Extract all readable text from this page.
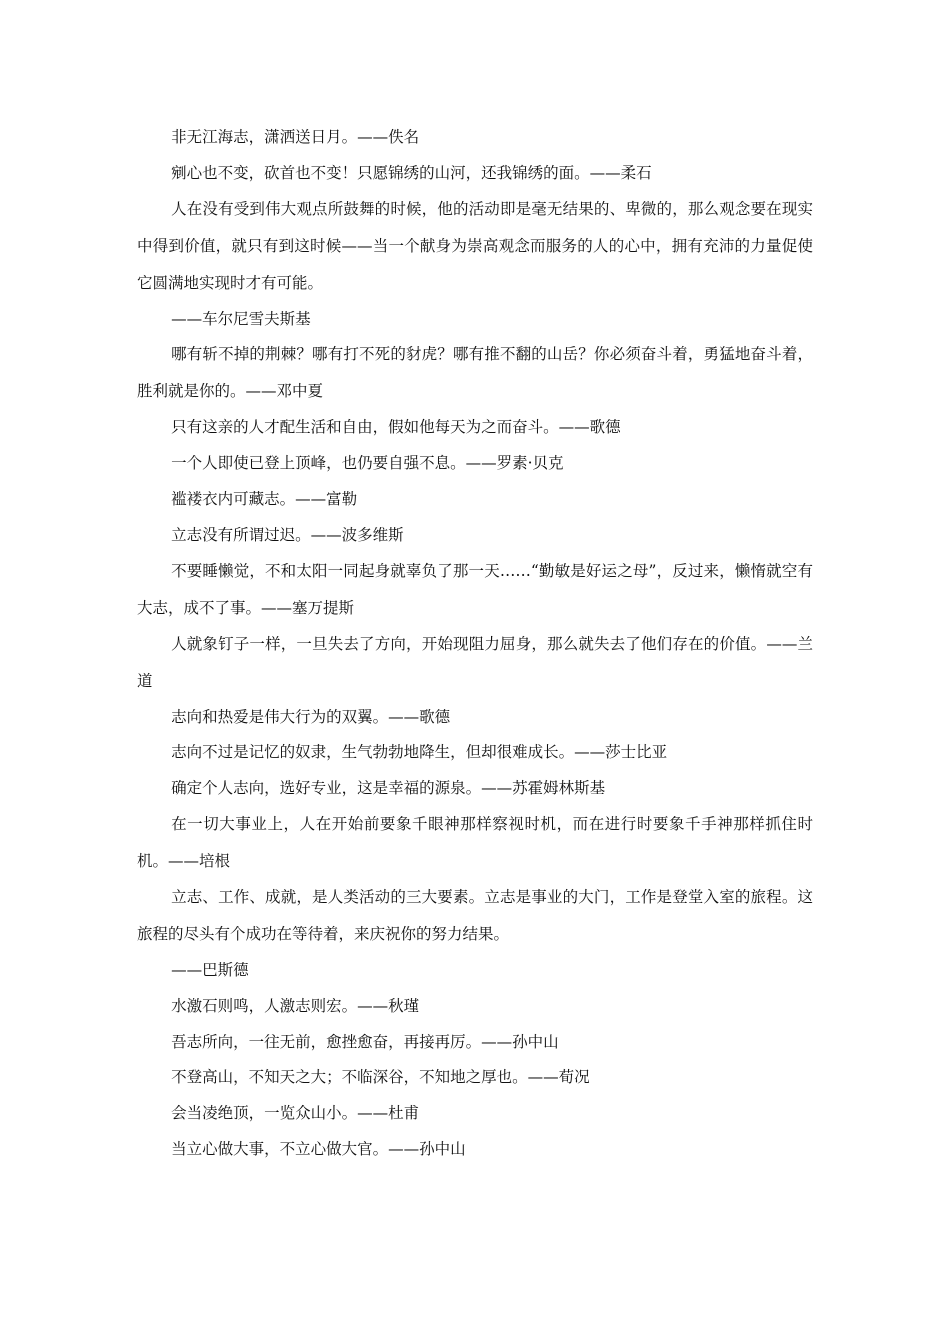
非无江海志，潇洒送日月。——佚名

剜心也不变，砍首也不变！只愿锦绣的山河，还我锦绣的面。——柔石

人在没有受到伟大观点所鼓舞的时候，他的活动即是毫无结果的、卑微的，那么观念要在现实中得到价值，就只有到这时候——当一个献身为崇高观念而服务的人的心中，拥有充沛的力量促使它圆满地实现时才有可能。

——车尔尼雪夫斯基

哪有斩不掉的荆棘？哪有打不死的豺虎？哪有推不翻的山岳？你必须奋斗着，勇猛地奋斗着，胜利就是你的。——邓中夏

只有这亲的人才配生活和自由，假如他每天为之而奋斗。——歌德

一个人即使已登上顶峰，也仍要自强不息。——罗素·贝克

褴褛衣内可藏志。——富勒

立志没有所谓过迟。——波多维斯

不要睡懒觉，不和太阳一同起身就辜负了那一天……“勤敏是好运之母”，反过来，懒惰就空有大志，成不了事。——塞万提斯

人就象钉子一样，一旦失去了方向，开始现阻力屈身，那么就失去了他们存在的价值。——兰道

志向和热爱是伟大行为的双翼。——歌德

志向不过是记忆的奴隶，生气勃勃地降生，但却很难成长。——莎士比亚

确定个人志向，选好专业，这是幸福的源泉。——苏霍姆林斯基

在一切大事业上，人在开始前要象千眼神那样察视时机，而在进行时要象千手神那样抓住时机。——培根

立志、工作、成就，是人类活动的三大要素。立志是事业的大门，工作是登堂入室的旅程。这旅程的尽头有个成功在等待着，来庆祝你的努力结果。

——巴斯德

水激石则鸣，人激志则宏。——秋瑾

吾志所向，一往无前，愈挫愈奋，再接再厉。——孙中山

不登高山，不知天之大；不临深谷，不知地之厚也。——荀况

会当凌绝顶，一览众山小。——杜甫

当立心做大事，不立心做大官。——孙中山
